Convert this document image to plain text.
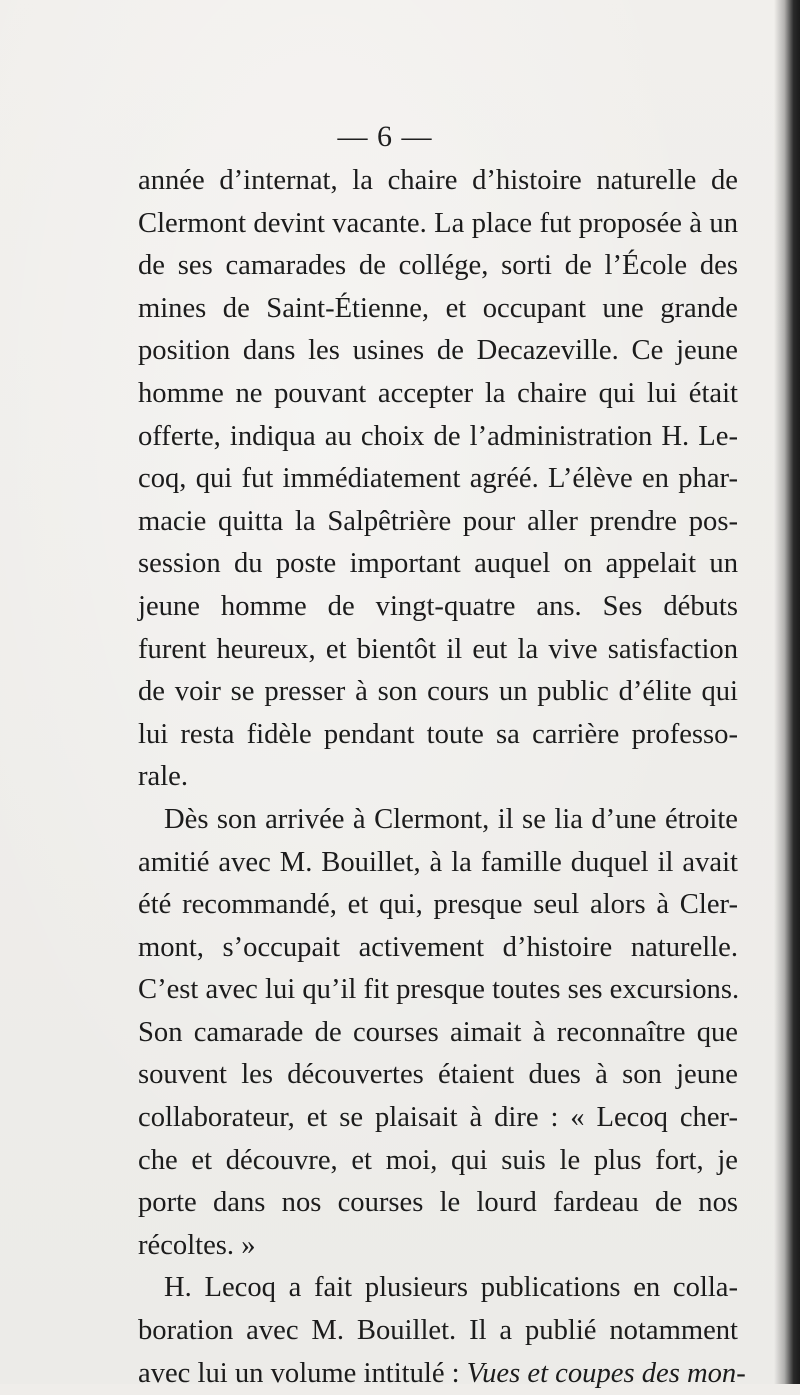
— 6 —
année d’internat, la chaire d’histoire naturelle de
Clermont devint vacante. La place fut proposée à un
de ses camarades de collége, sorti de l’École des
mines de Saint-Étienne, et occupant une grande
position dans les usines de Decazeville. Ce jeune
homme ne pouvant accepter la chaire qui lui était
offerte, indiqua au choix de l’administration H. Le-
coq, qui fut immédiatement agréé. L’élève en phar-
macie quitta la Salpêtrière pour aller prendre pos-
session du poste important auquel on appelait un
jeune homme de vingt-quatre ans. Ses débuts
furent heureux, et bientôt il eut la vive satisfaction
de voir se presser à son cours un public d’élite qui
lui resta fidèle pendant toute sa carrière professo-
rale.
Dès son arrivée à Clermont, il se lia d’une étroite
amitié avec M. Bouillet, à la famille duquel il avait
été recommandé, et qui, presque seul alors à Cler-
mont, s’occupait activement d’histoire naturelle.
C’est avec lui qu’il fit presque toutes ses excursions.
Son camarade de courses aimait à reconnaître que
souvent les découvertes étaient dues à son jeune
collaborateur, et se plaisait à dire : « Lecoq cher-
che et découvre, et moi, qui suis le plus fort, je
porte dans nos courses le lourd fardeau de nos
récoltes. »
H. Lecoq a fait plusieurs publications en colla-
boration avec M. Bouillet. Il a publié notamment
avec lui un volume intitulé : Vues et coupes des mon-
